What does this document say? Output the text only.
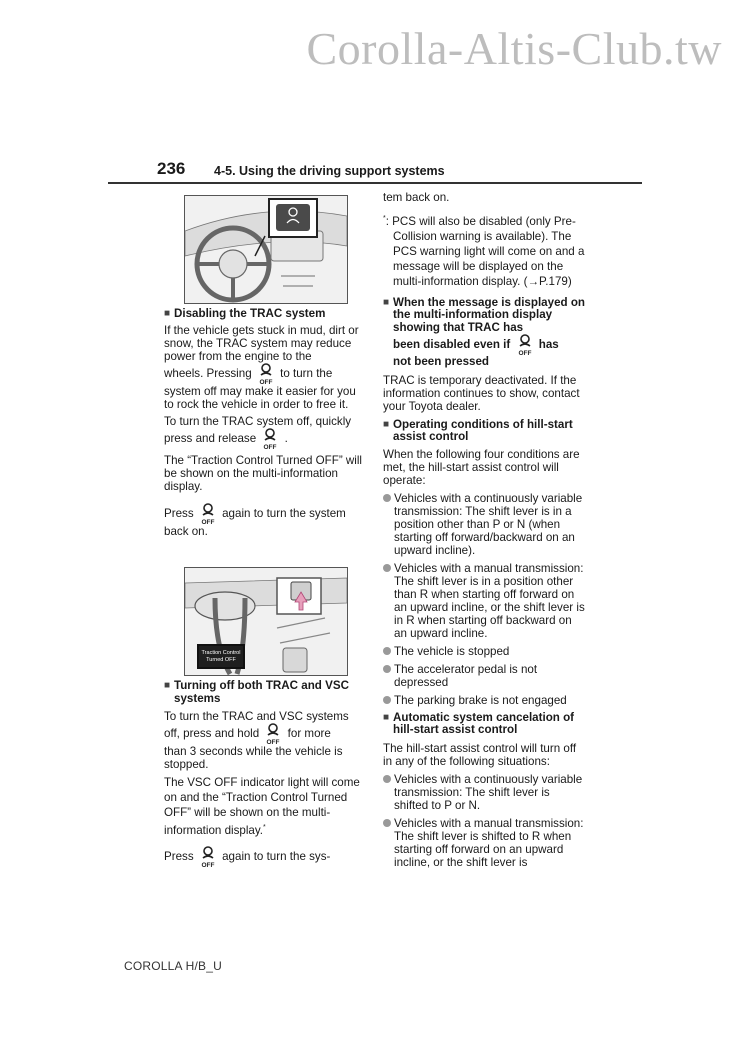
Corolla-Altis-Club.tw
236 4-5. Using the driving support systems
■ Disabling the TRAC system

If the vehicle gets stuck in mud, dirt or snow, the TRAC system may reduce power from the engine to the
wheels. Pressing
OFF
to turn the
system off may make it easier for you to rock the vehicle in order to free it.

To turn the TRAC system off, quickly
press and release
OFF
.

The “Traction Control Turned OFF” will be shown on the multi-information display.

Press
OFF
again to turn the system
back on.

Traction Control
Turned OFF
■ Turning off both TRAC and VSC systems

To turn the TRAC and VSC systems
off, press and hold
OFF
for more
than 3 seconds while the vehicle is stopped.

The VSC OFF indicator light will come on and the “Traction Control Turned OFF” will be shown on the multi-information display.*

Press
OFF
again to turn the sys-

tem back on.

*: PCS will also be disabled (only Pre-Collision warning is available). The PCS warning light will come on and a message will be displayed on the multi-information display. (→P.179)

■ When the message is displayed on the multi-information display showing that TRAC has
been disabled even if
OFF
has
not been pressed

TRAC is temporary deactivated. If the information continues to show, contact your Toyota dealer.

■ Operating conditions of hill-start assist control

When the following four conditions are met, the hill-start assist control will operate:

Vehicles with a continuously variable transmission: The shift lever is in a position other than P or N (when starting off forward/backward on an upward incline).
Vehicles with a manual transmission: The shift lever is in a position other than R when starting off forward on an upward incline, or the shift lever is in R when starting off backward on an upward incline.
The vehicle is stopped
The accelerator pedal is not depressed
The parking brake is not engaged
■ Automatic system cancelation of hill-start assist control

The hill-start assist control will turn off in any of the following situations:

Vehicles with a continuously variable transmission: The shift lever is shifted to P or N.
Vehicles with a manual transmission: The shift lever is shifted to R when starting off forward on an upward incline, or the shift lever is
COROLLA H/B_U
